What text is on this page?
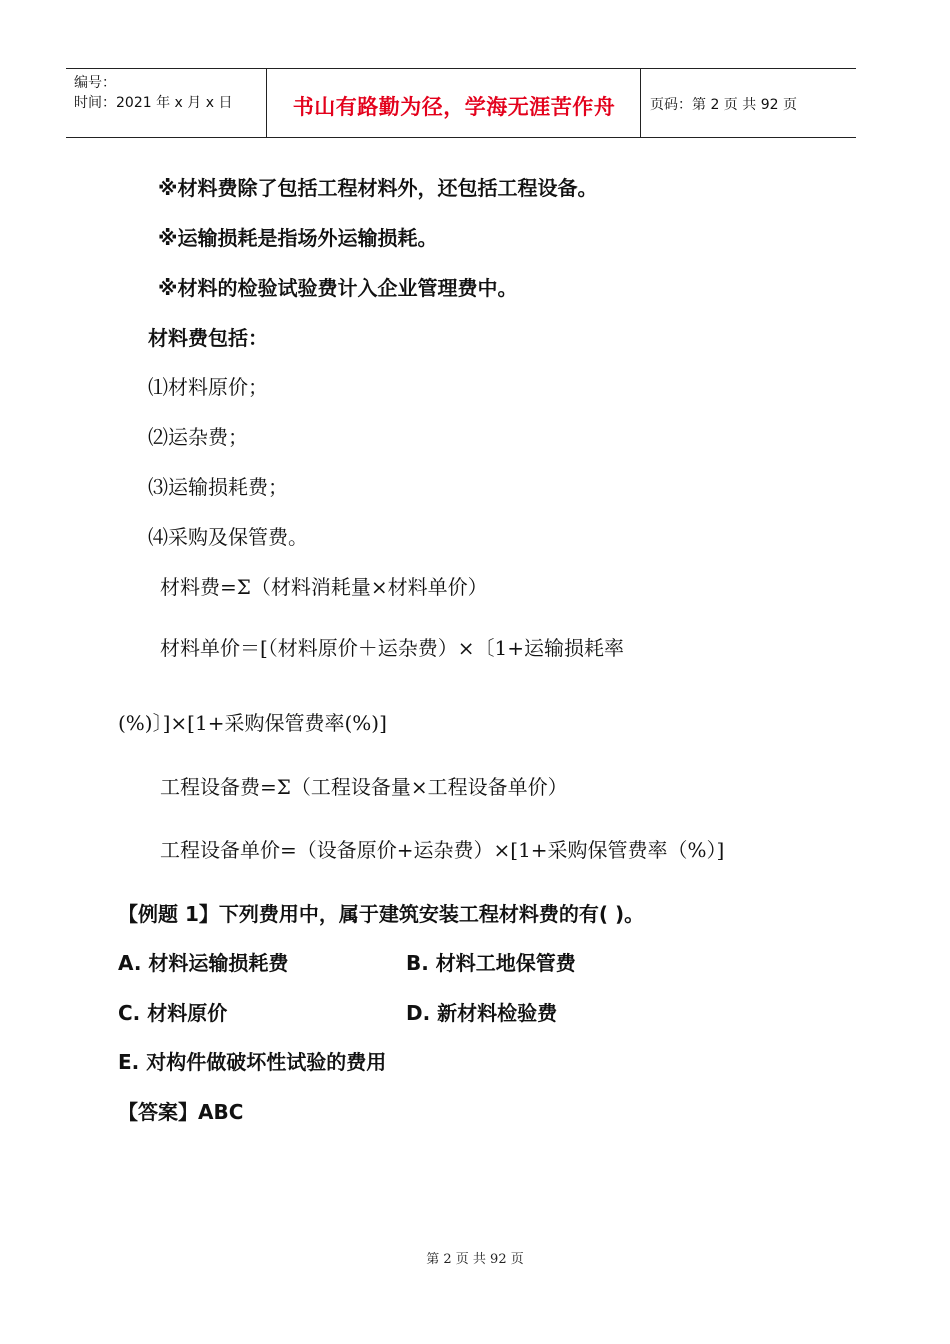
编号：
时间：2021 年 x 月 x 日	书山有路勤为径，学海无涯苦作舟	页码：第 2 页 共 92 页
※材料费除了包括工程材料外，还包括工程设备。
※运输损耗是指场外运输损耗。
※材料的检验试验费计入企业管理费中。
材料费包括：
⑴材料原价；
⑵运杂费；
⑶运输损耗费；
⑷采购及保管费。
材料费=Σ（材料消耗量×材料单价）
材料单价＝[（材料原价＋运杂费）×〔1+运输损耗率
(%)〕]×[1+采购保管费率(%)]
工程设备费=Σ（工程设备量×工程设备单价）
工程设备单价=（设备原价+运杂费）×[1+采购保管费率（%）]
【例题 1】下列费用中，属于建筑安装工程材料费的有( )。
A. 材料运输损耗费	B. 材料工地保管费
C. 材料原价	D. 新材料检验费
E. 对构件做破坏性试验的费用
【答案】ABC
第 2 页 共 92 页
